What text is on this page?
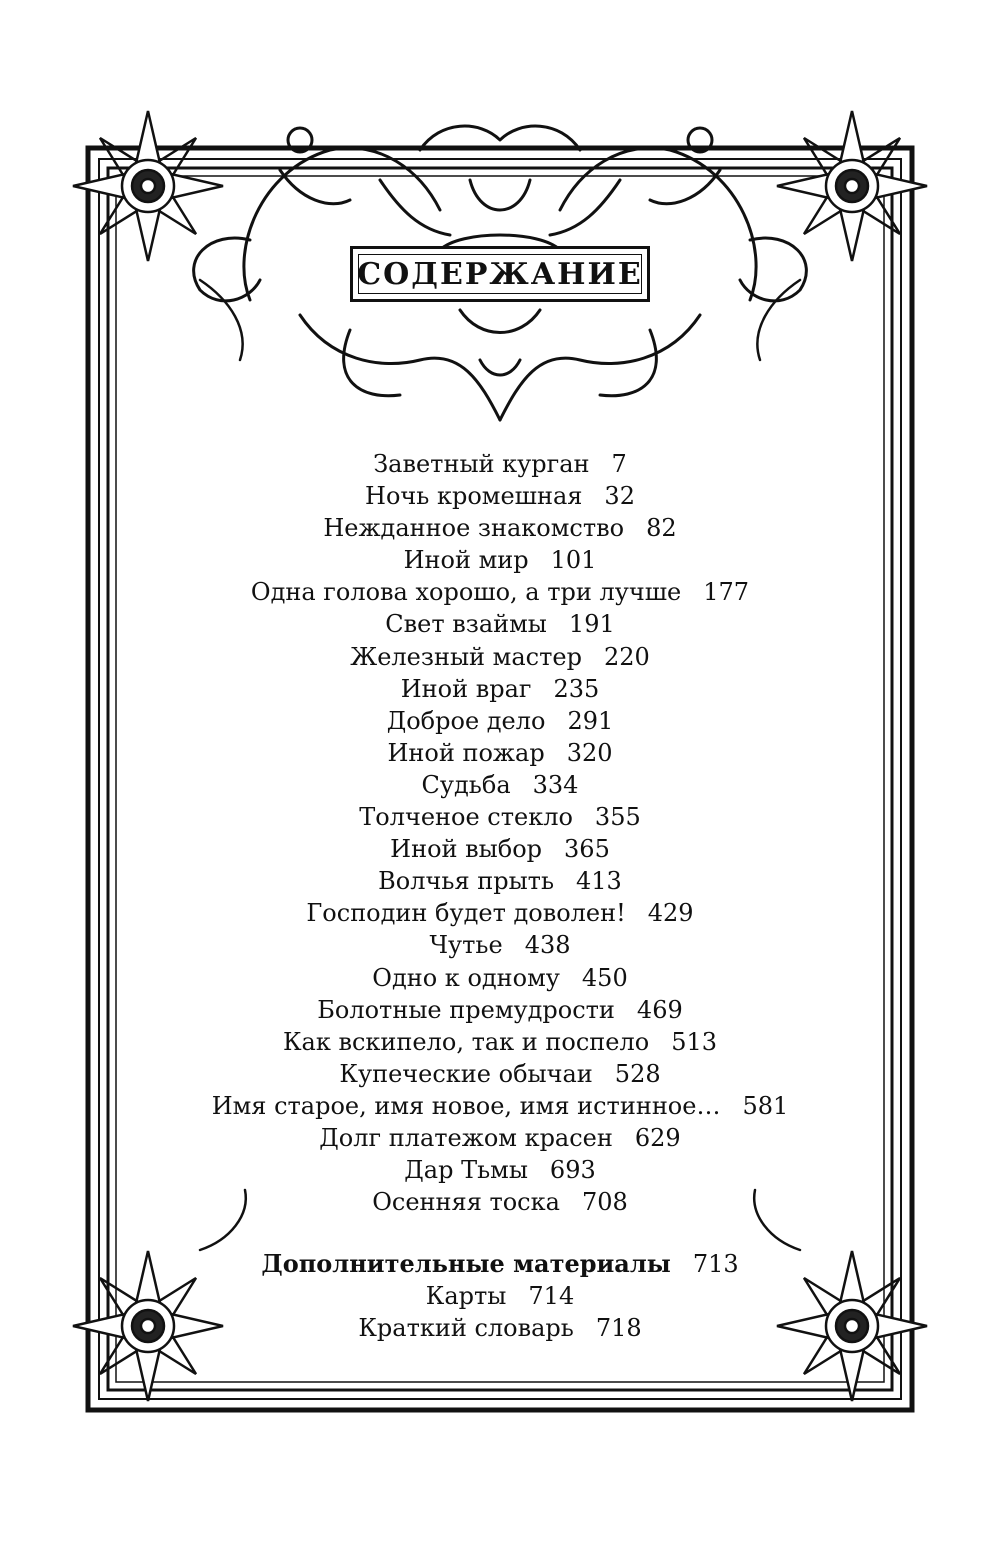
СОДЕРЖАНИЕ
Заветный курган 7
Ночь кромешная 32
Нежданное знакомство 82
Иной мир 101
Одна голова хорошо, а три лучше 177
Свет взаймы 191
Железный мастер 220
Иной враг 235
Доброе дело 291
Иной пожар 320
Судьба 334
Толченое стекло 355
Иной выбор 365
Волчья прыть 413
Господин будет доволен! 429
Чутье 438
Одно к одному 450
Болотные премудрости 469
Как вскипело, так и поспело 513
Купеческие обычаи 528
Имя старое, имя новое, имя истинное… 581
Долг платежом красен 629
Дар Тьмы 693
Осенняя тоска 708
Дополнительные материалы 713
Карты 714
Краткий словарь 718
